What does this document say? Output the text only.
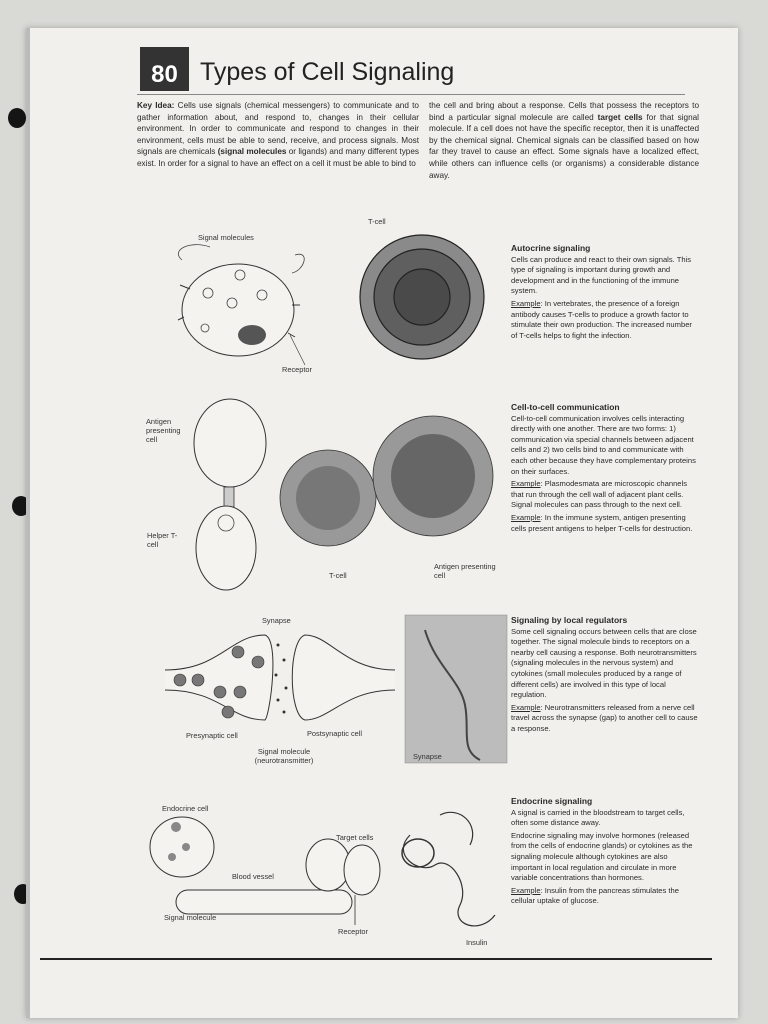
80 Types of Cell Signaling
Key Idea: Cells use signals (chemical messengers) to communicate and to gather information about, and respond to, changes in their cellular environment. In order to communicate and respond to changes in their environment, cells must be able to send, receive, and process signals. Most signals are chemicals (signal molecules or ligands) and many different types exist. In order for a signal to have an effect on a cell it must be able to bind to
the cell and bring about a response. Cells that possess the receptors to bind a particular signal molecule are called target cells for that signal molecule. If a cell does not have the specific receptor, then it is unaffected by the chemical signal. Chemical signals can be classified based on how far they travel to cause an effect. Some signals have a localized effect, while others can influence cells (or organisms) a considerable distance away.
Signal molecules
T-cell
Receptor
Autocrine signaling

Cells can produce and react to their own signals. This type of signaling is important during growth and development and in the functioning of the immune system.

Example: In vertebrates, the presence of a foreign antibody causes T-cells to produce a growth factor to stimulate their own production. The increased number of T-cells helps to fight the infection.

Antigen presenting cell
Helper T-cell
T-cell
Antigen presenting cell
Cell-to-cell communication

Cell-to-cell communication involves cells interacting directly with one another. There are two forms: 1) communication via special channels between adjacent cells and 2) two cells bind to and communicate with each other because they have complementary proteins on their surfaces.

Example: Plasmodesmata are microscopic channels that run through the cell wall of adjacent plant cells. Signal molecules can pass through to the next cell.

Example: In the immune system, antigen presenting cells present antigens to helper T-cells for destruction.

Synapse
Presynaptic cell	Postsynaptic cell
Signal molecule (neurotransmitter)	Synapse
Signaling by local regulators

Some cell signaling occurs between cells that are close together. The signal molecule binds to receptors on a nearby cell causing a response. Both neurotransmitters (signaling molecules in the nervous system) and cytokines (small molecules produced by a range of different cells) are involved in this type of local regulation.

Example: Neurotransmitters released from a nerve cell travel across the synapse (gap) to another cell to cause a response.

Endocrine cell
Target cells
Blood vessel
Signal molecule
Receptor
Insulin
Endocrine signaling

A signal is carried in the bloodstream to target cells, often some distance away.

Endocrine signaling may involve hormones (released from the cells of endocrine glands) or cytokines as the signaling molecule although cytokines are also important in local regulation and circulate in more variable concentrations than hormones.

Example: Insulin from the pancreas stimulates the cellular uptake of glucose.
